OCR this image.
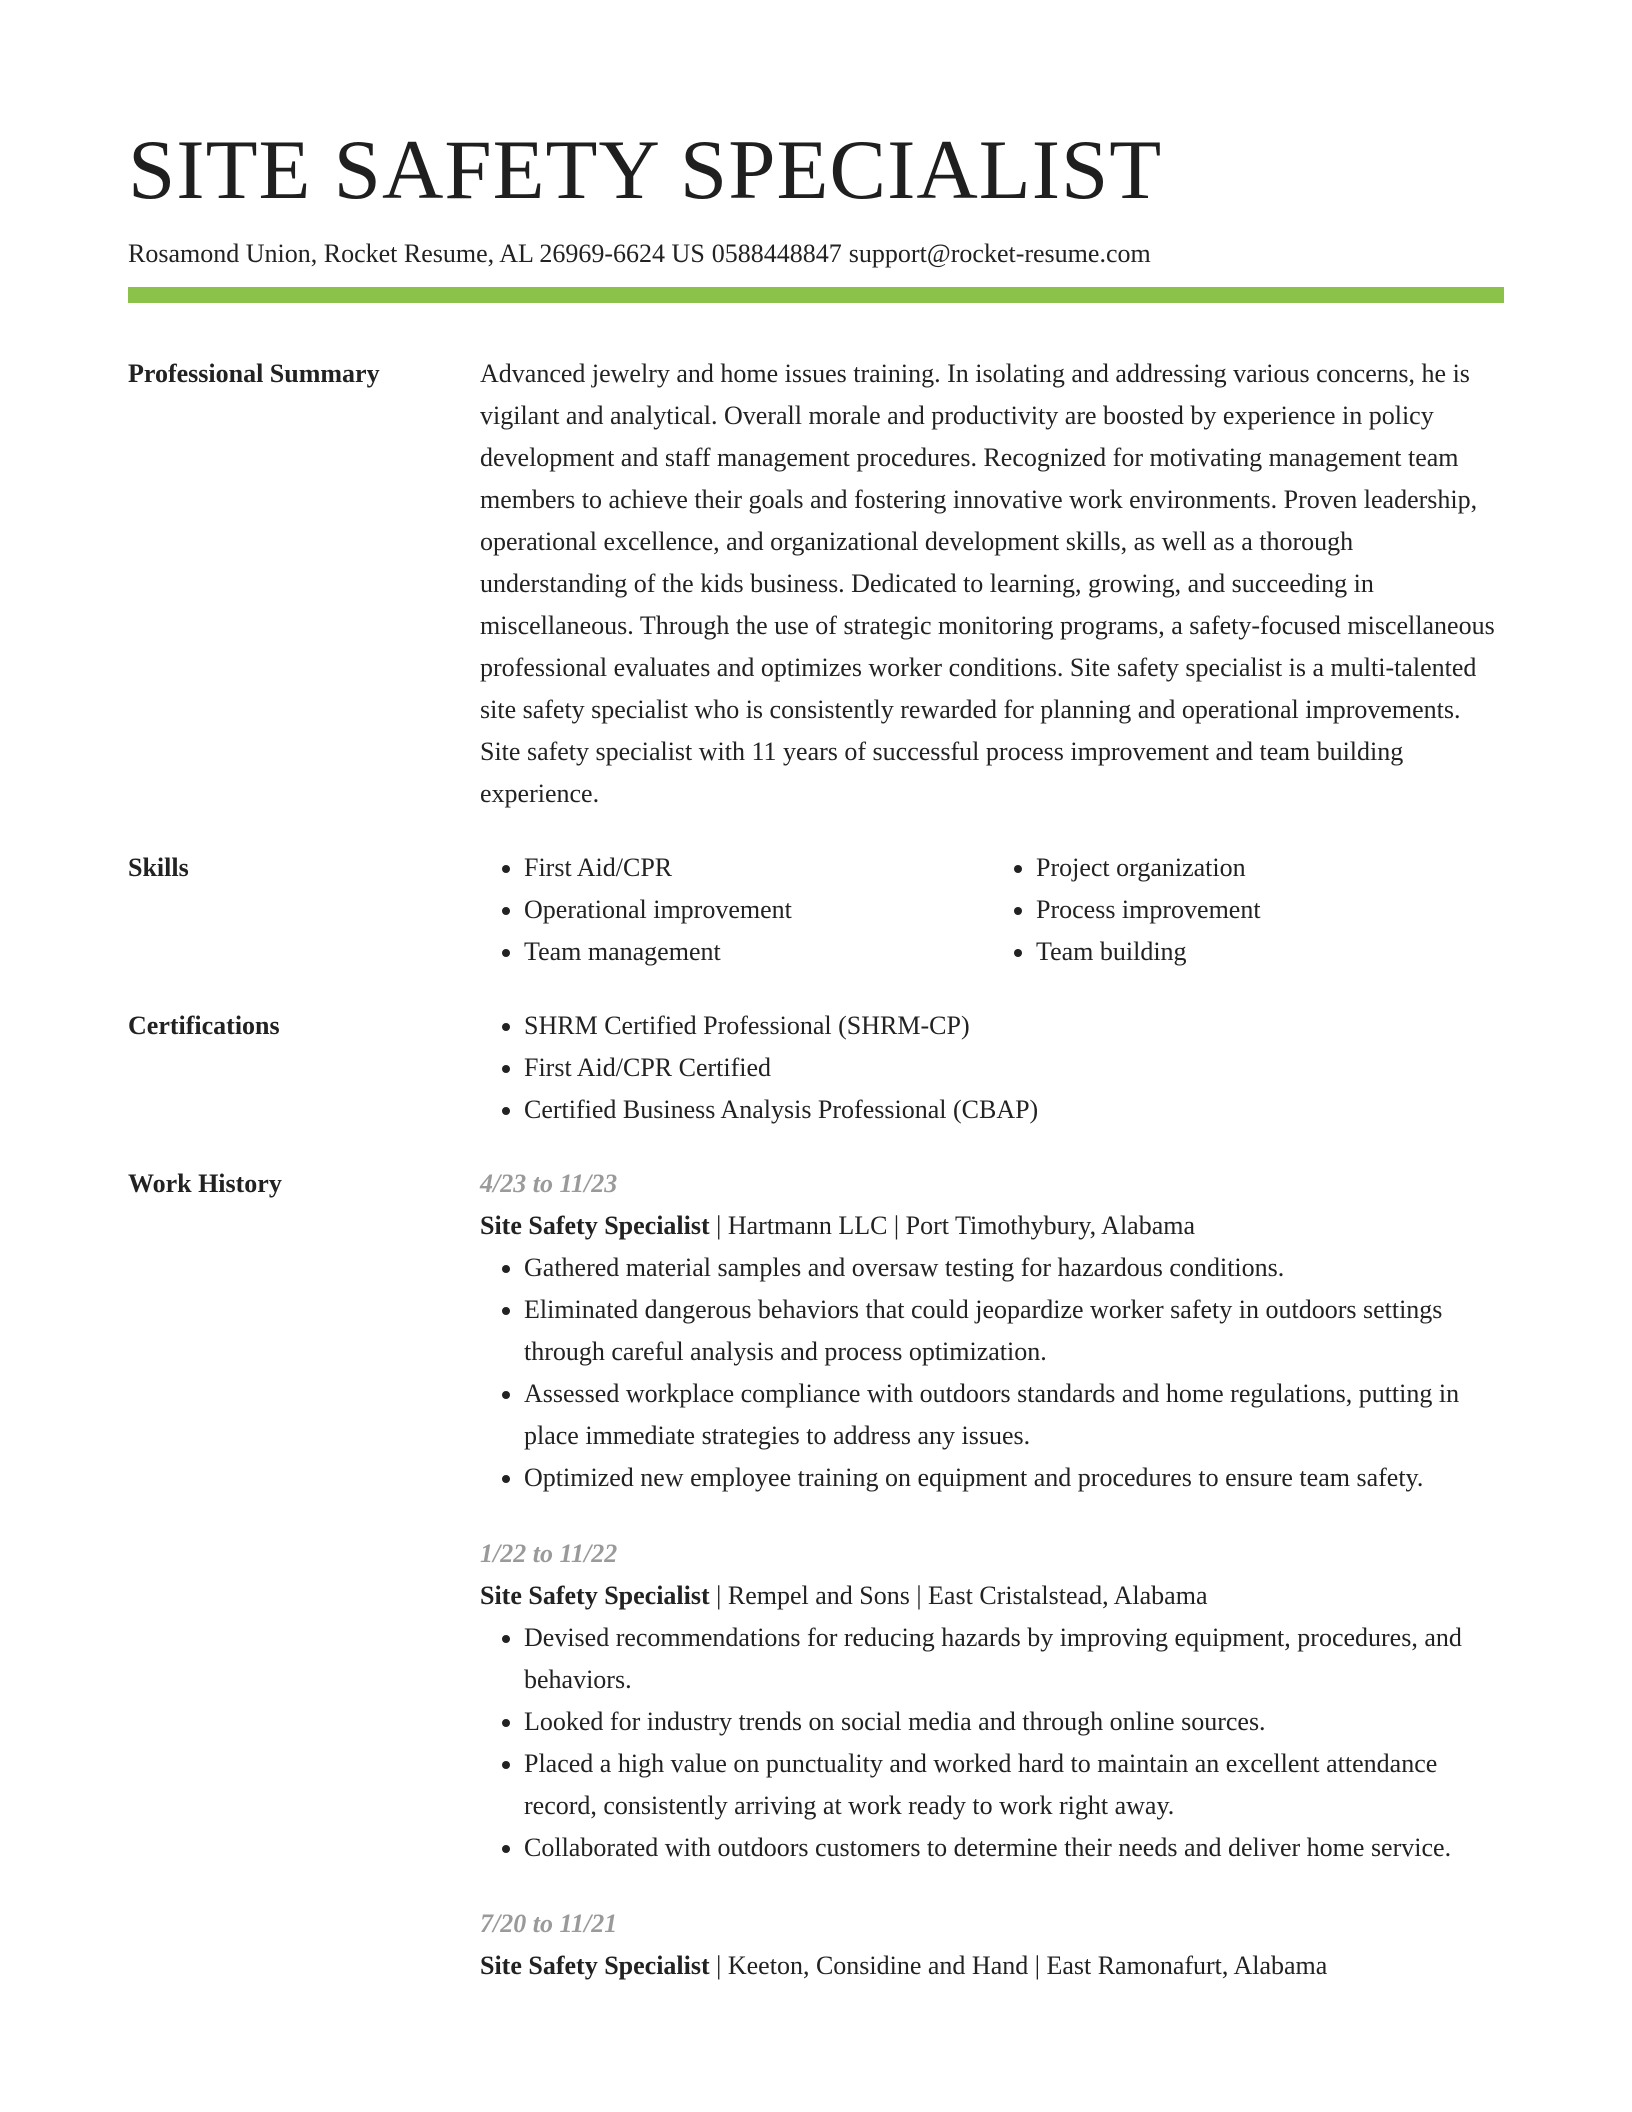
SITE SAFETY SPECIALIST
Rosamond Union, Rocket Resume, AL 26969-6624 US 0588448847 support@rocket-resume.com
Professional Summary	Advanced jewelry and home issues training. In isolating and addressing various concerns, he is vigilant and analytical. Overall morale and productivity are boosted by experience in policy development and staff management procedures. Recognized for motivating management team members to achieve their goals and fostering innovative work environments. Proven leadership, operational excellence, and organizational development skills, as well as a thorough understanding of the kids business. Dedicated to learning, growing, and succeeding in miscellaneous. Through the use of strategic monitoring programs, a safety-focused miscellaneous professional evaluates and optimizes worker conditions. Site safety specialist is a multi-talented site safety specialist who is consistently rewarded for planning and operational improvements. Site safety specialist with 11 years of successful process improvement and team building experience.
Skills	• First Aid/CPR
• Operational improvement
• Team management
• Project organization
• Process improvement
• Team building
Certifications	• SHRM Certified Professional (SHRM-CP)
• First Aid/CPR Certified
• Certified Business Analysis Professional (CBAP)
Work History	4/23 to 11/23
Site Safety Specialist | Hartmann LLC | Port Timothybury, Alabama
• Gathered material samples and oversaw testing for hazardous conditions.
• Eliminated dangerous behaviors that could jeopardize worker safety in outdoors settings through careful analysis and process optimization.
• Assessed workplace compliance with outdoors standards and home regulations, putting in place immediate strategies to address any issues.
• Optimized new employee training on equipment and procedures to ensure team safety.
1/22 to 11/22
Site Safety Specialist | Rempel and Sons | East Cristalstead, Alabama
• Devised recommendations for reducing hazards by improving equipment, procedures, and behaviors.
• Looked for industry trends on social media and through online sources.
• Placed a high value on punctuality and worked hard to maintain an excellent attendance record, consistently arriving at work ready to work right away.
• Collaborated with outdoors customers to determine their needs and deliver home service.
7/20 to 11/21
Site Safety Specialist | Keeton, Considine and Hand | East Ramonafurt, Alabama
